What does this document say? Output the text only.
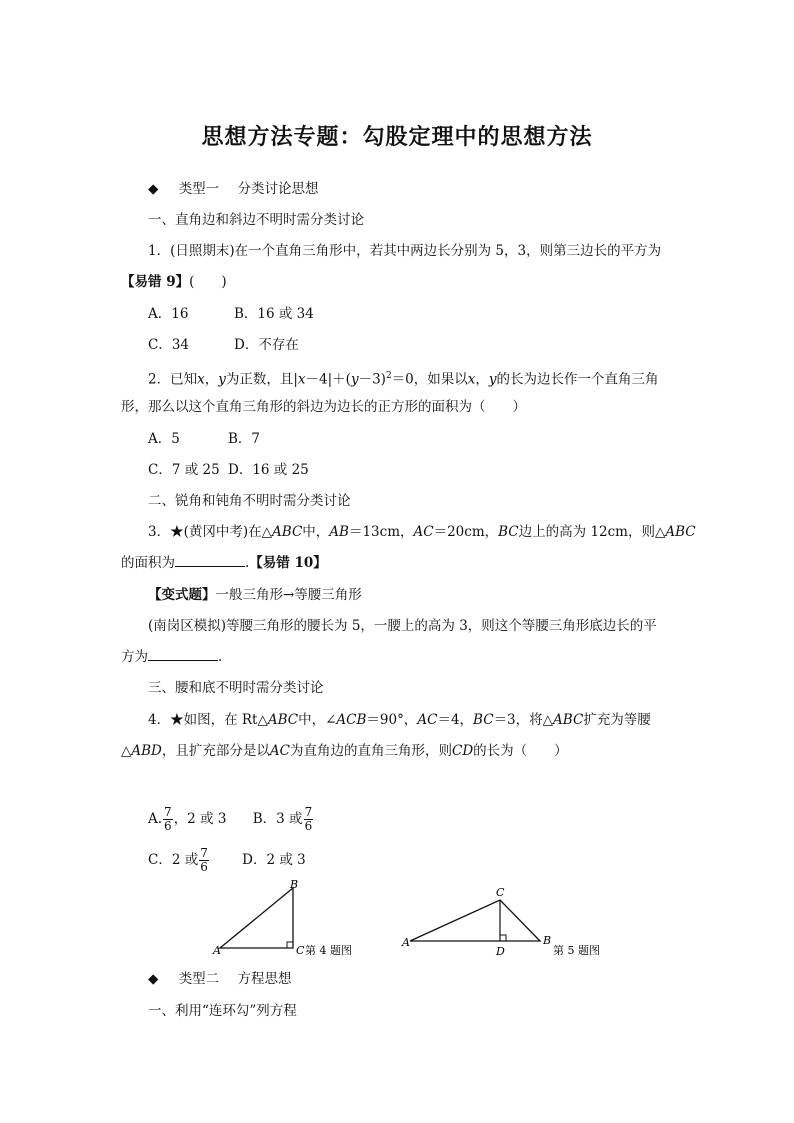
思想方法专题：勾股定理中的思想方法
◆ 类型一 分类讨论思想
一、直角边和斜边不明时需分类讨论
1．(日照期末)在一个直角三角形中，若其中两边长分别为 5，3，则第三边长的平方为
【易错 9】(　　)
A．16	B．16 或 34
C．34	D．不存在
2．已知x，y为正数，且$|x-4|+(y-3)^2=0$，如果以x，y的长为边长作一个直角三角
形，那么以这个直角三角形的斜边为边长的正方形的面积为（　　）
A．5	B．7
C．7 或 25 D．16 或 25
二、锐角和钝角不明时需分类讨论
3．★(黄冈中考)在△ABC中，AB＝13cm，AC＝20cm，BC边上的高为 12cm，则△ABC
的面积为	.【易错 10】
【变式题】一般三角形→等腰三角形
(南岗区模拟)等腰三角形的腰长为 5，一腰上的高为 3，则这个等腰三角形底边长的平
方为	.
三、腰和底不明时需分类讨论
4．★如图，在 Rt△ABC中，∠ACB＝90°，AC＝4，BC＝3，将△ABC扩充为等腰
△ABD，且扩充部分是以AC为直角边的直角三角形，则CD的长为（　　）
A. $\frac{7}{6}$ ，2 或 3 B．3 或 $\frac{7}{6}$
C．2 或 $\frac{7}{6}$ D．2 或 3
A
B
C 第 4 题图
A
C
D
B
第 5 题图
◆ 类型二 方程思想
一、利用“连环勾”列方程
